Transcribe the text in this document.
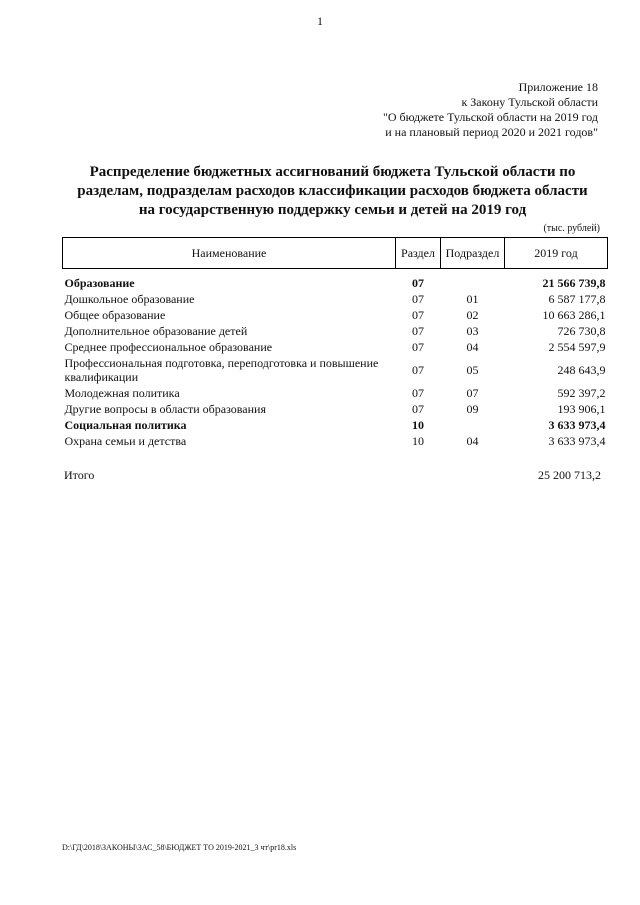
1
Приложение 18
к Закону Тульской области
"О бюджете Тульской области на 2019 год
и на плановый период 2020 и 2021 годов"
Распределение бюджетных ассигнований бюджета Тульской области по
разделам, подразделам расходов классификации расходов бюджета области
на государственную поддержку семьи и детей на 2019 год
(тыс. рублей)
Наименование	Раздел	Подраздел	2019 год
Образование	07		21 566 739,8
Дошкольное образование	07	01	6 587 177,8
Общее образование	07	02	10 663 286,1
Дополнительное образование детей	07	03	726 730,8
Среднее профессиональное образование	07	04	2 554 597,9
Профессиональная подготовка, переподготовка и повышение квалификации	07	05	248 643,9
Молодежная политика	07	07	592 397,2
Другие вопросы в области образования	07	09	193 906,1
Социальная политика	10		3 633 973,4
Охрана семьи и детства	10	04	3 633 973,4
Итого	25 200 713,2
D:\ГД\2018\ЗАКОНЫ\ЗАС_58\БЮДЖЕТ ТО 2019-2021_3 чт\pr18.xls
